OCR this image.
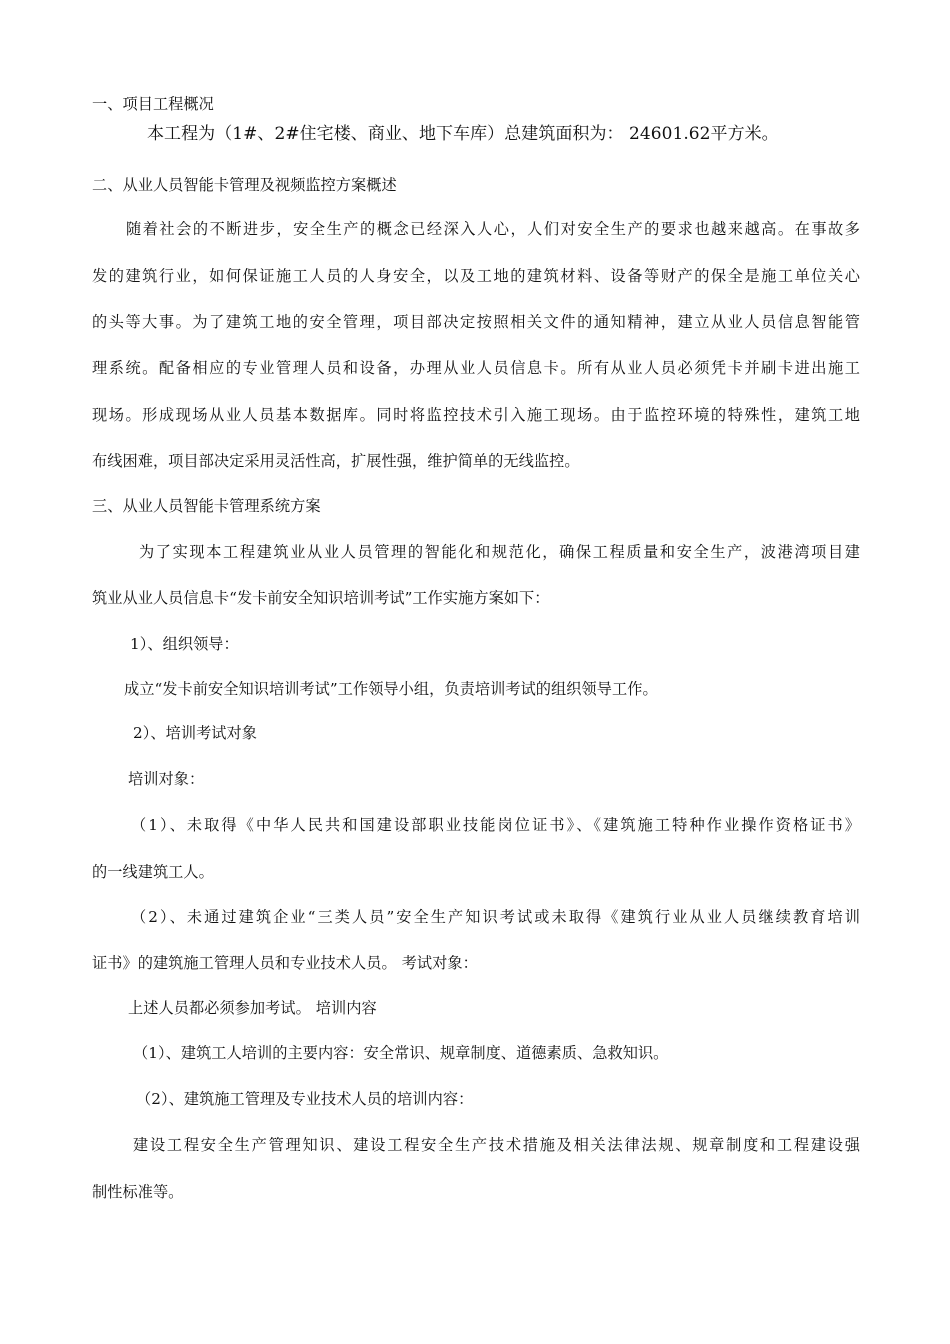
一、项目工程概况
本工程为（1#、2#住宅楼、商业、地下车库）总建筑面积为： 24601.62平方米。
二、从业人员智能卡管理及视频监控方案概述
随着社会的不断进步，安全生产的概念已经深入人心，人们对安全生产的要求也越来越高。在事故多
发的建筑行业，如何保证施工人员的人身安全，以及工地的建筑材料、设备等财产的保全是施工单位关心
的头等大事。为了建筑工地的安全管理，项目部决定按照相关文件的通知精神，建立从业人员信息智能管
理系统。配备相应的专业管理人员和设备，办理从业人员信息卡。所有从业人员必须凭卡并刷卡进出施工
现场。形成现场从业人员基本数据库。同时将监控技术引入施工现场。由于监控环境的特殊性，建筑工地
布线困难，项目部决定采用灵活性高，扩展性强，维护简单的无线监控。
三、从业人员智能卡管理系统方案
为了实现本工程建筑业从业人员管理的智能化和规范化，确保工程质量和安全生产，波港湾项目建
筑业从业人员信息卡“发卡前安全知识培训考试”工作实施方案如下：
1）、组织领导：
成立“发卡前安全知识培训考试”工作领导小组，负责培训考试的组织领导工作。
2）、培训考试对象
培训对象：
（1）、未取得《中华人民共和国建设部职业技能岗位证书》、《建筑施工特种作业操作资格证书》
的一线建筑工人。
（2）、未通过建筑企业“三类人员”安全生产知识考试或未取得《建筑行业从业人员继续教育培训
证书》的建筑施工管理人员和专业技术人员。 考试对象：
上述人员都必须参加考试。 培训内容
（1）、建筑工人培训的主要内容：安全常识、规章制度、道德素质、急救知识。
（2）、建筑施工管理及专业技术人员的培训内容：
建设工程安全生产管理知识、建设工程安全生产技术措施及相关法律法规、规章制度和工程建设强
制性标准等。
